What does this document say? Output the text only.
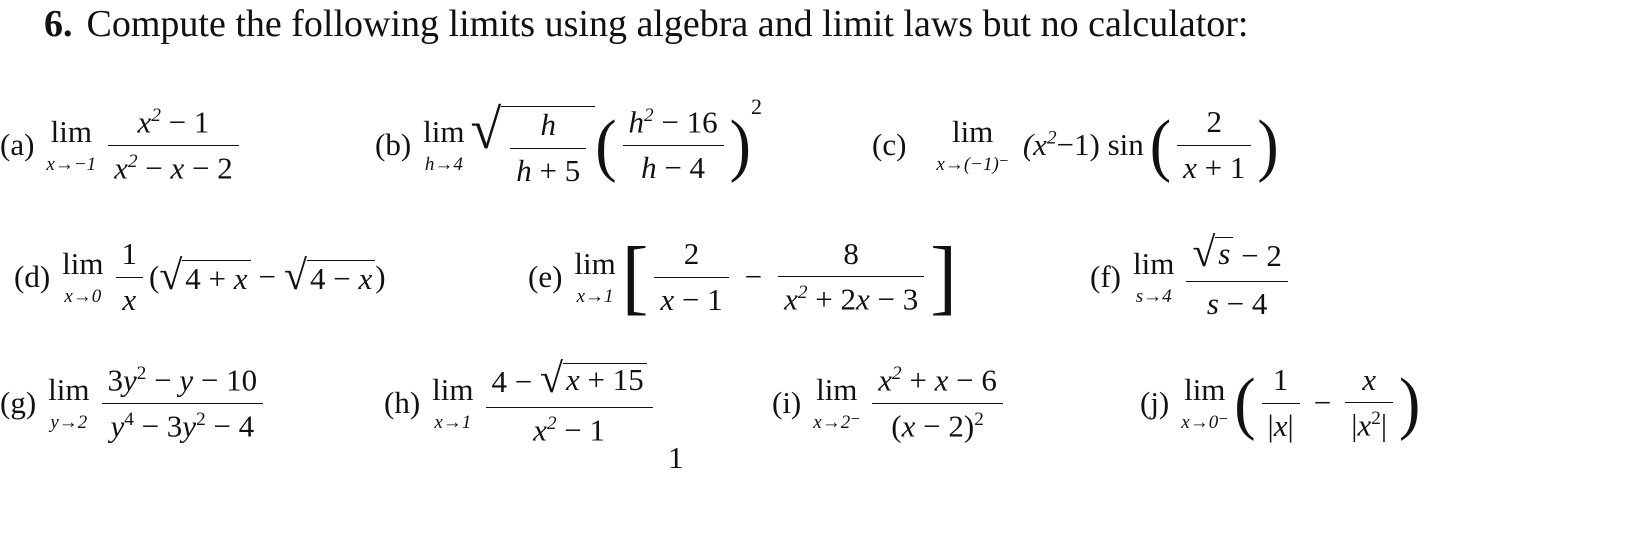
6. Compute the following limits using algebra and limit laws but no calculator:
(a) lim
$x\to-1 \frac{x^2 - 1}{x^2 - x - 2}$	(b) lim
h→4
√ $\frac{h}{h + 5}$ ( $\frac{h^2 - 16}{h - 4} )^2$
(c) lim
x→(−1)⁻
$(x^2-1)$ sin ( $\frac{2}{x + 1}$ )
(d) lim
$x\to 0 \frac{1}{x}$ ( √ 4 + x − √ 4 − x )	(e) lim
x→1 [ $\frac{2}{x - 1} - \frac{8}{x^2 + 2x - 3}$ ]	(f) lim
$s\to 4 \frac{√ s - 2}{s - 4}$
(g) lim
$y\to 2 \frac{3y^2 - y - 10}{y^4 - 3y^2 - 4}$	(h) lim
$x\to 1 \frac{4 - √ x + 15}{x^2 - 1}$	(i) lim
$x\to 2^- \frac{x^2 + x - 6}{(x - 2)^2}$	(j) lim
x→0⁻ ( $\frac{1}{|x|} - \frac{x}{|x^2|}$ )
1
